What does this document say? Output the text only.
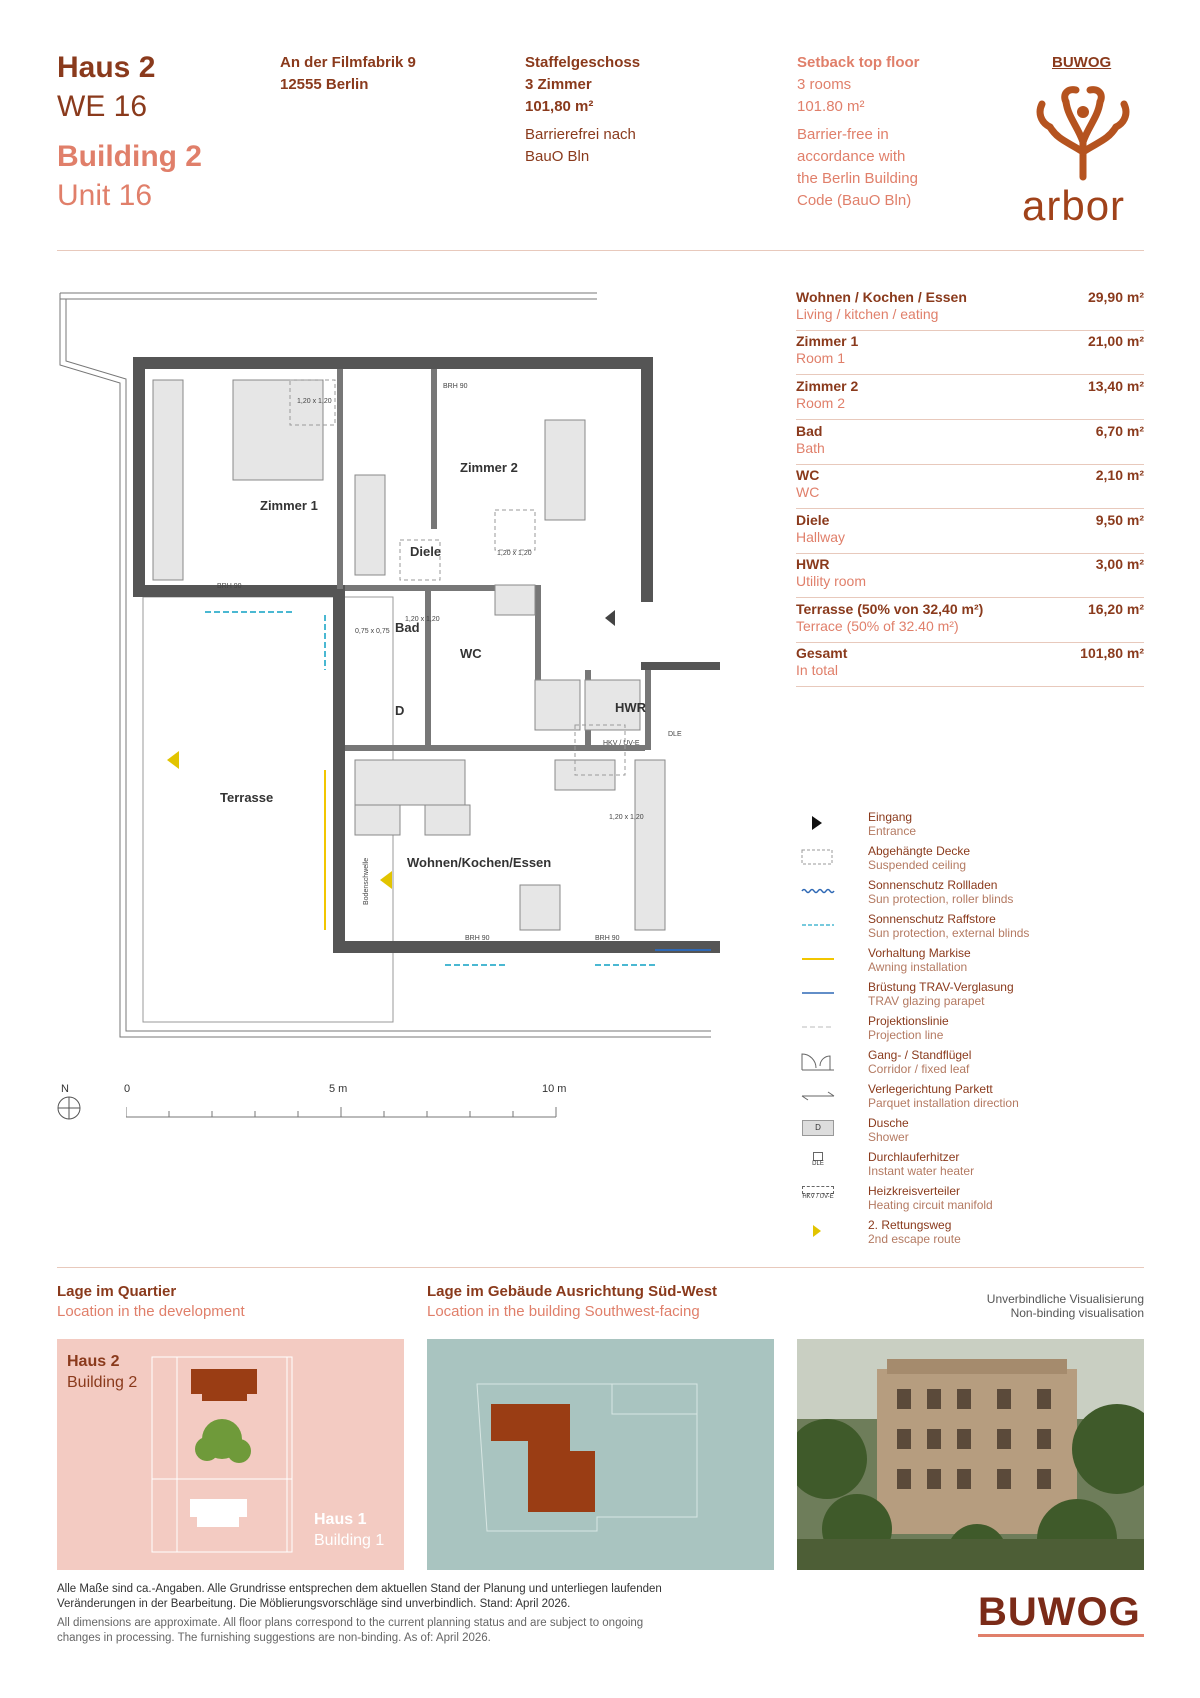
Haus 2
WE 16
Building 2
Unit 16
An der Filmfabrik 9
12555 Berlin
Staffelgeschoss
3 Zimmer
101,80 m²
Barrierefrei nach
BauO Bln
Setback top floor
3 rooms
101.80 m²
Barrier-free in
accordance with
the Berlin Building
Code (BauO Bln)
BUWOG
arbor
Zimmer 1
Zimmer 2
Diele
Bad
WC
HWR
D
Terrasse
Wohnen/Kochen/Essen
BRH 90
BRH 90
BRH 90	BRH 90
1,20 x 1,20
1,20 x 1,20
1,20 x 1,20
1,20 x 1,20
0,75 x 0,75
DLE
HKV / UV-E
Bodenschwelle
N	0	5 m	10 m
Wohnen / Kochen / Essen
Living / kitchen / eating
29,90 m²
Zimmer 1
Room 1
21,00 m²
Zimmer 2
Room 2
13,40 m²
Bad
Bath
6,70 m²
WC
WC
2,10 m²
Diele
Hallway
9,50 m²
HWR
Utility room
3,00 m²
Terrasse (50% von 32,40 m²)
Terrace (50% of 32.40 m²)
16,20 m²
Gesamt
In total
101,80 m²
Eingang
Entrance
Abgehängte Decke
Suspended ceiling
Sonnenschutz Rollladen
Sun protection, roller blinds
Sonnenschutz Raffstore
Sun protection, external blinds
Vorhaltung Markise
Awning installation
Brüstung TRAV-Verglasung
TRAV glazing parapet
Projektionslinie
Projection line
Gang- / Standflügel
Corridor / fixed leaf
Verlegerichtung Parkett
Parquet installation direction
D	Dusche
Shower
DLE	Durchlauferhitzer
Instant water heater
HKV / UV-E	Heizkreisverteiler
Heating circuit manifold
2. Rettungsweg
2nd escape route
Lage im Quartier
Location in the development
Lage im Gebäude Ausrichtung Süd-West
Location in the building Southwest-facing
Unverbindliche Visualisierung
Non-binding visualisation
Haus 2
Building 2
Haus 1
Building 1
Alle Maße sind ca.-Angaben. Alle Grundrisse entsprechen dem aktuellen Stand der Planung und unterliegen laufenden Veränderungen in der Bearbeitung. Die Möblierungsvorschläge sind unverbindlich. Stand: April 2026.
All dimensions are approximate. All floor plans correspond to the current planning status and are subject to ongoing changes in processing. The furnishing suggestions are non-binding. As of: April 2026.
BUWOG
